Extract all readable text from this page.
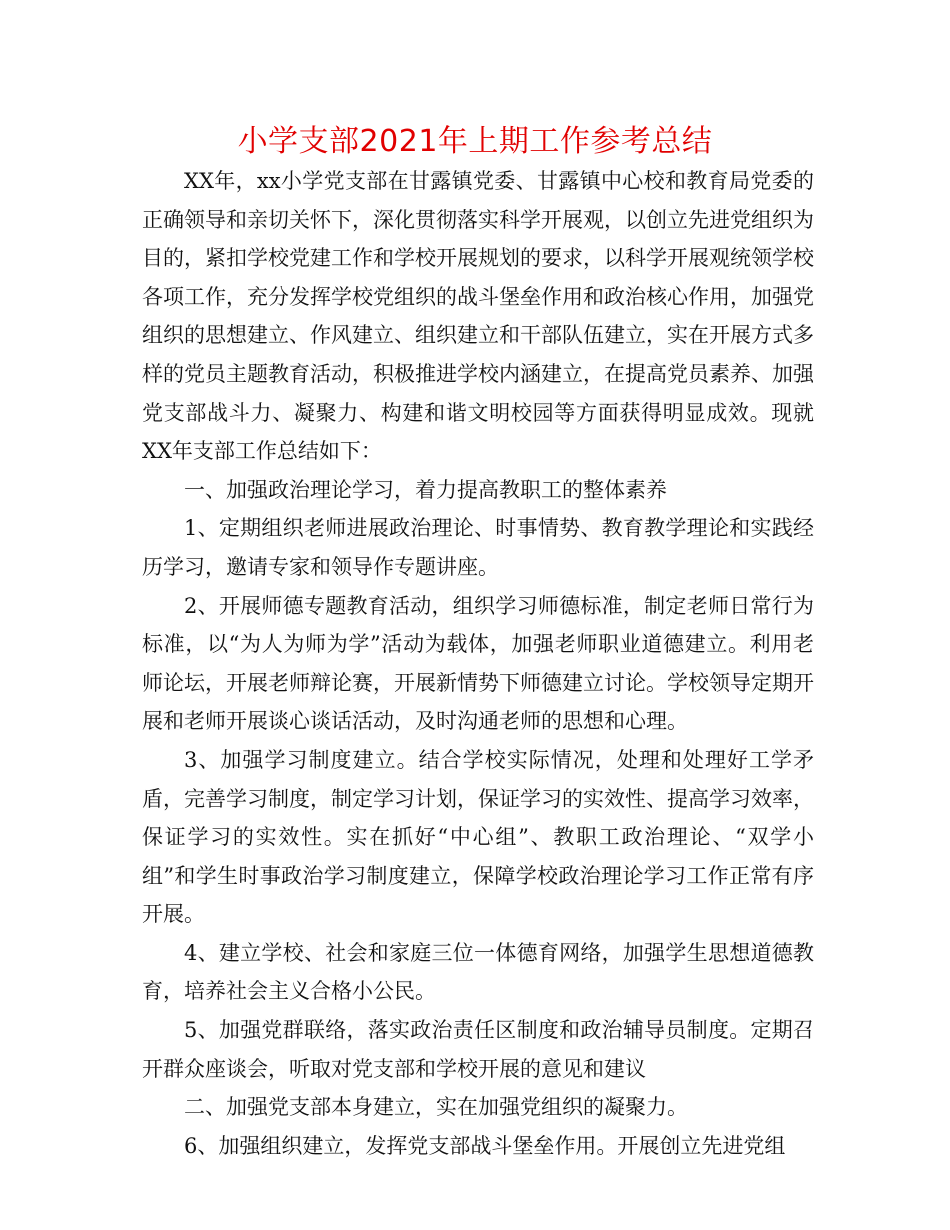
小学支部2021年上期工作参考总结

XX年，xx小学党支部在甘露镇党委、甘露镇中心校和教育局党委的正确领导和亲切关怀下，深化贯彻落实科学开展观，以创立先进党组织为目的，紧扣学校党建工作和学校开展规划的要求，以科学开展观统领学校各项工作，充分发挥学校党组织的战斗堡垒作用和政治核心作用，加强党组织的思想建立、作风建立、组织建立和干部队伍建立，实在开展方式多样的党员主题教育活动，积极推进学校内涵建立，在提高党员素养、加强党支部战斗力、凝聚力、构建和谐文明校园等方面获得明显成效。现就XX年支部工作总结如下：

一、加强政治理论学习，着力提高教职工的整体素养

1、定期组织老师进展政治理论、时事情势、教育教学理论和实践经历学习，邀请专家和领导作专题讲座。

2、开展师德专题教育活动，组织学习师德标准，制定老师日常行为标准，以“为人为师为学”活动为载体，加强老师职业道德建立。利用老师论坛，开展老师辩论赛，开展新情势下师德建立讨论。学校领导定期开展和老师开展谈心谈话活动，及时沟通老师的思想和心理。

3、加强学习制度建立。结合学校实际情况，处理和处理好工学矛盾，完善学习制度，制定学习计划，保证学习的实效性、提高学习效率，保证学习的实效性。实在抓好“中心组”、教职工政治理论、“双学小组”和学生时事政治学习制度建立，保障学校政治理论学习工作正常有序开展。

4、建立学校、社会和家庭三位一体德育网络，加强学生思想道德教育，培养社会主义合格小公民。

5、加强党群联络，落实政治责任区制度和政治辅导员制度。定期召开群众座谈会，听取对党支部和学校开展的意见和建议

二、加强党支部本身建立，实在加强党组织的凝聚力。

6、加强组织建立，发挥党支部战斗堡垒作用。开展创立先进党组
